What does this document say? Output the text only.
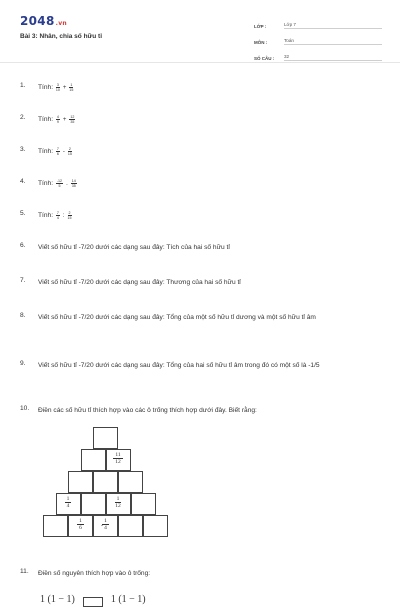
2048.vn
Bài 3: Nhân, chia số hữu tỉ
LỚP :	Lớp 7
MÔN :	Toán
SỐ CÂU :	32
1.	Tính: $\frac{3}{10} + \frac{1}{15}$
2.	Tính: $\frac{4}{9} + \frac{12}{35}$
3.	Tính: $\frac{7}{6} - \frac{2}{15}$
4.	Tính: $\frac{-12}{5}$ . $\frac{14}{35}$
5.	Tính: $\frac{7}{4}$ : $\frac{2}{15}$
6.	Viết số hữu tỉ -7/20 dưới các dạng sau đây: Tích của hai số hữu tỉ
7.	Viết số hữu tỉ -7/20 dưới các dạng sau đây: Thương của hai số hữu tỉ
8.	Viết số hữu tỉ -7/20 dưới các dạng sau đây: Tổng của một số hữu tỉ dương và một số hữu tỉ âm
9.	Viết số hữu tỉ -7/20 dưới các dạng sau đây: Tổng của hai số hữu tỉ âm trong đó có một số là -1/5
10.	Điền các số hữu tỉ thích hợp vào các ô trống thích hợp dưới đây. Biết rằng:
11.	Điền số nguyên thích hợp vào ô trống:
$\frac{11}{12}$
$\frac{1}{4}$	$\frac{1}{12}$
$\frac{1}{6}$
- $\frac{1}{4}$
1 (1 − 1)	1 (1 − 1)
